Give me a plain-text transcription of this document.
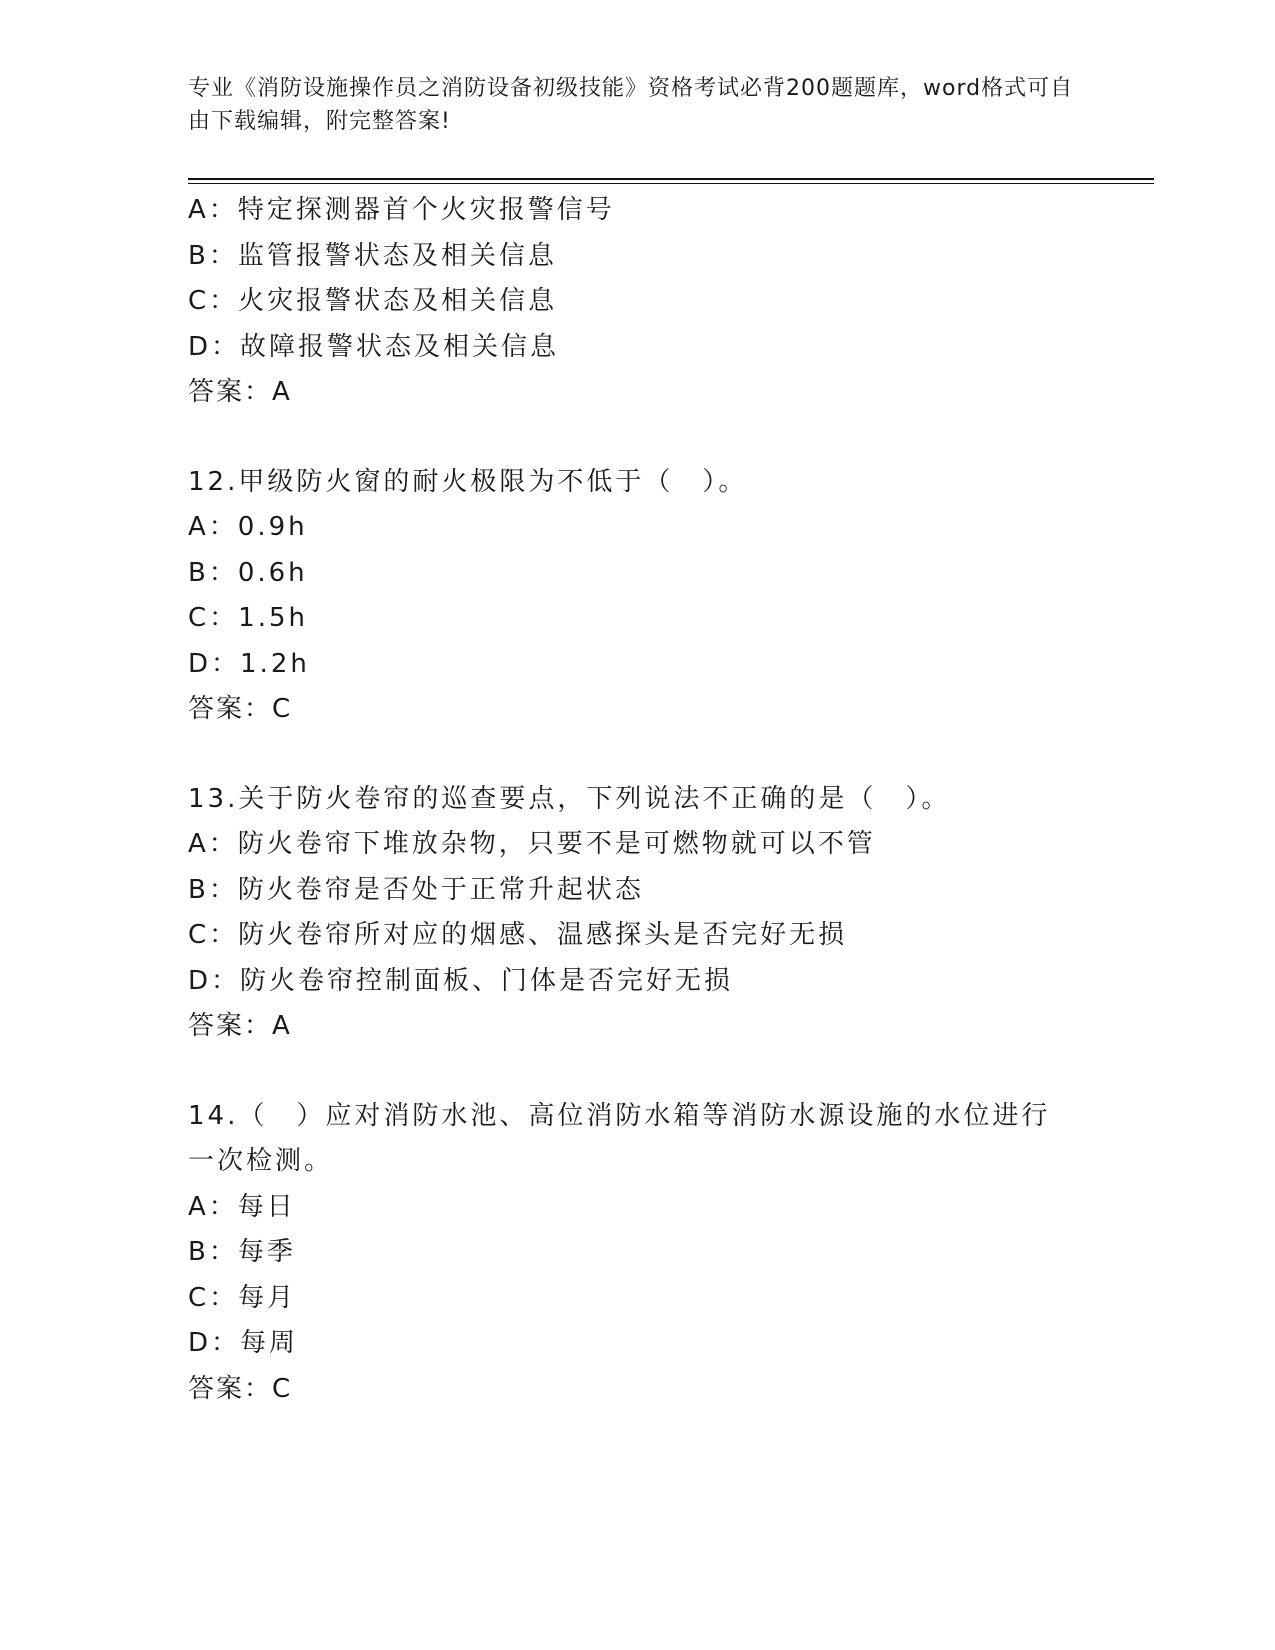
专业《消防设施操作员之消防设备初级技能》资格考试必背200题题库，word格式可自由下载编辑，附完整答案!
A：特定探测器首个火灾报警信号
B：监管报警状态及相关信息
C：火灾报警状态及相关信息
D：故障报警状态及相关信息
答案：A
12.甲级防火窗的耐火极限为不低于（　）。
A：0.9h
B：0.6h
C：1.5h
D：1.2h
答案：C
13.关于防火卷帘的巡查要点，下列说法不正确的是（　）。
A：防火卷帘下堆放杂物，只要不是可燃物就可以不管
B：防火卷帘是否处于正常升起状态
C：防火卷帘所对应的烟感、温感探头是否完好无损
D：防火卷帘控制面板、门体是否完好无损
答案：A
14.（　）应对消防水池、高位消防水箱等消防水源设施的水位进行一次检测。
A：每日
B：每季
C：每月
D：每周
答案：C
